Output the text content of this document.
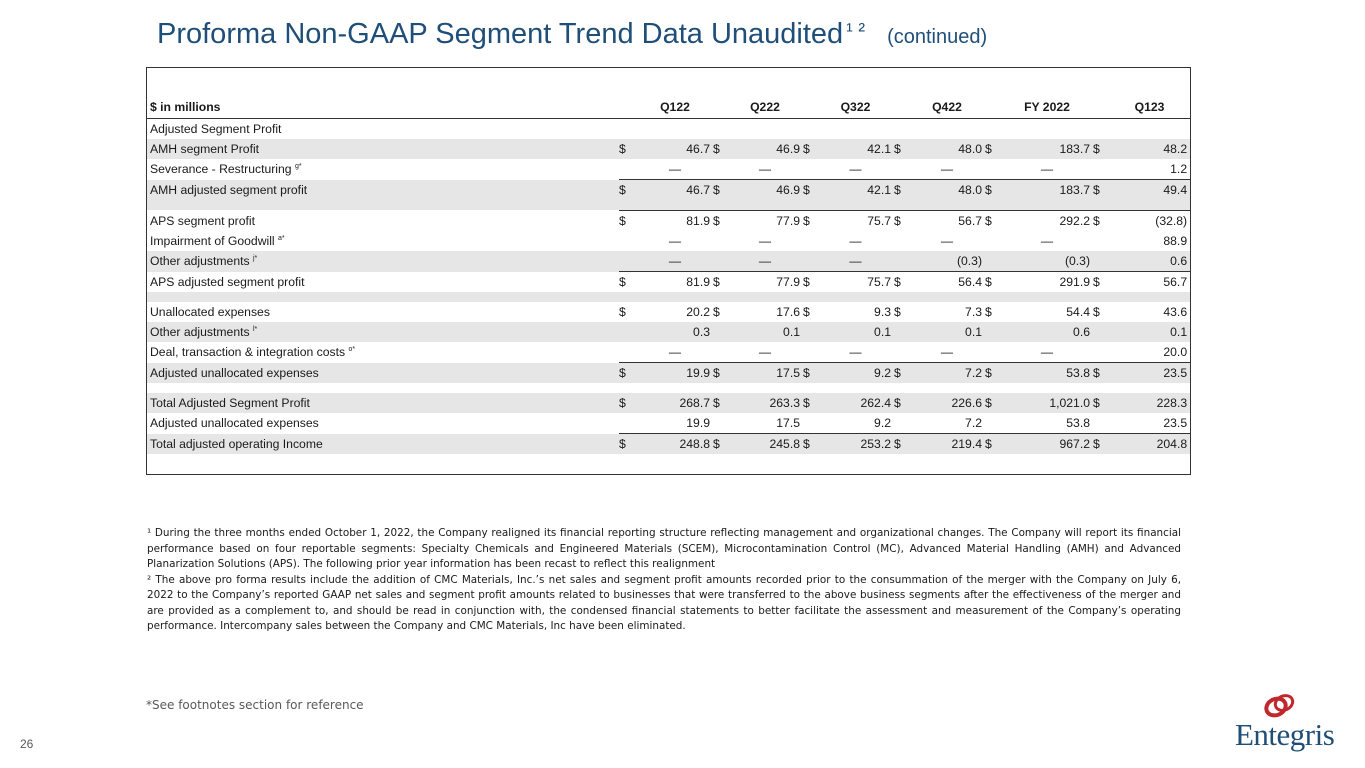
Proforma Non-GAAP Segment Trend Data Unaudited $^{^1 ^2}$ (continued)

$ in millions		Q122		Q222		Q322		Q422		FY 2022		Q123
Adjusted Segment Profit												
AMH segment Profit	$	46.7	$	46.9	$	42.1	$	48.0	$	183.7	$	48.2
Severance - Restructuring $^{g*}$		—		—		—		—		—		1.2
AMH adjusted segment profit	$	46.7	$	46.9	$	42.1	$	48.0	$	183.7	$	49.4

APS segment profit	$	81.9	$	77.9	$	75.7	$	56.7	$	292.2	$	(32.8)
Impairment of Goodwill $^{a*}$		—		—		—		—		—		88.9
Other adjustments $^{j*}$		—		—		—		(0.3)		(0.3)		0.6
APS adjusted segment profit	$	81.9	$	77.9	$	75.7	$	56.4	$	291.9	$	56.7

Unallocated expenses	$	20.2	$	17.6	$	9.3	$	7.3	$	54.4	$	43.6
Other adjustments $^{l*}$		0.3		0.1		0.1		0.1		0.6		0.1
Deal, transaction & integration costs $^{o*}$		—		—		—		—		—		20.0
Adjusted unallocated expenses	$	19.9	$	17.5	$	9.2	$	7.2	$	53.8	$	23.5

Total Adjusted Segment Profit	$	268.7	$	263.3	$	262.4	$	226.6	$	1,021.0	$	228.3
Adjusted unallocated expenses		19.9		17.5		9.2		7.2		53.8		23.5
Total adjusted operating Income	$	248.8	$	245.8	$	253.2	$	219.4	$	967.2	$	204.8

¹ During the three months ended October 1, 2022, the Company realigned its financial reporting structure reflecting management and organizational changes. The Company will report its financial performance based on four reportable segments: Specialty Chemicals and Engineered Materials (SCEM), Microcontamination Control (MC), Advanced Material Handling (AMH) and Advanced Planarization Solutions (APS). The following prior year information has been recast to reflect this realignment

² The above pro forma results include the addition of CMC Materials, Inc.’s net sales and segment profit amounts recorded prior to the consummation of the merger with the Company on July 6, 2022 to the Company’s reported GAAP net sales and segment profit amounts related to businesses that were transferred to the above business segments after the effectiveness of the merger and are provided as a complement to, and should be read in conjunction with, the condensed financial statements to better facilitate the assessment and measurement of the Company’s operating performance. Intercompany sales between the Company and CMC Materials, Inc have been eliminated.

*See footnotes section for reference
26	Entegris
